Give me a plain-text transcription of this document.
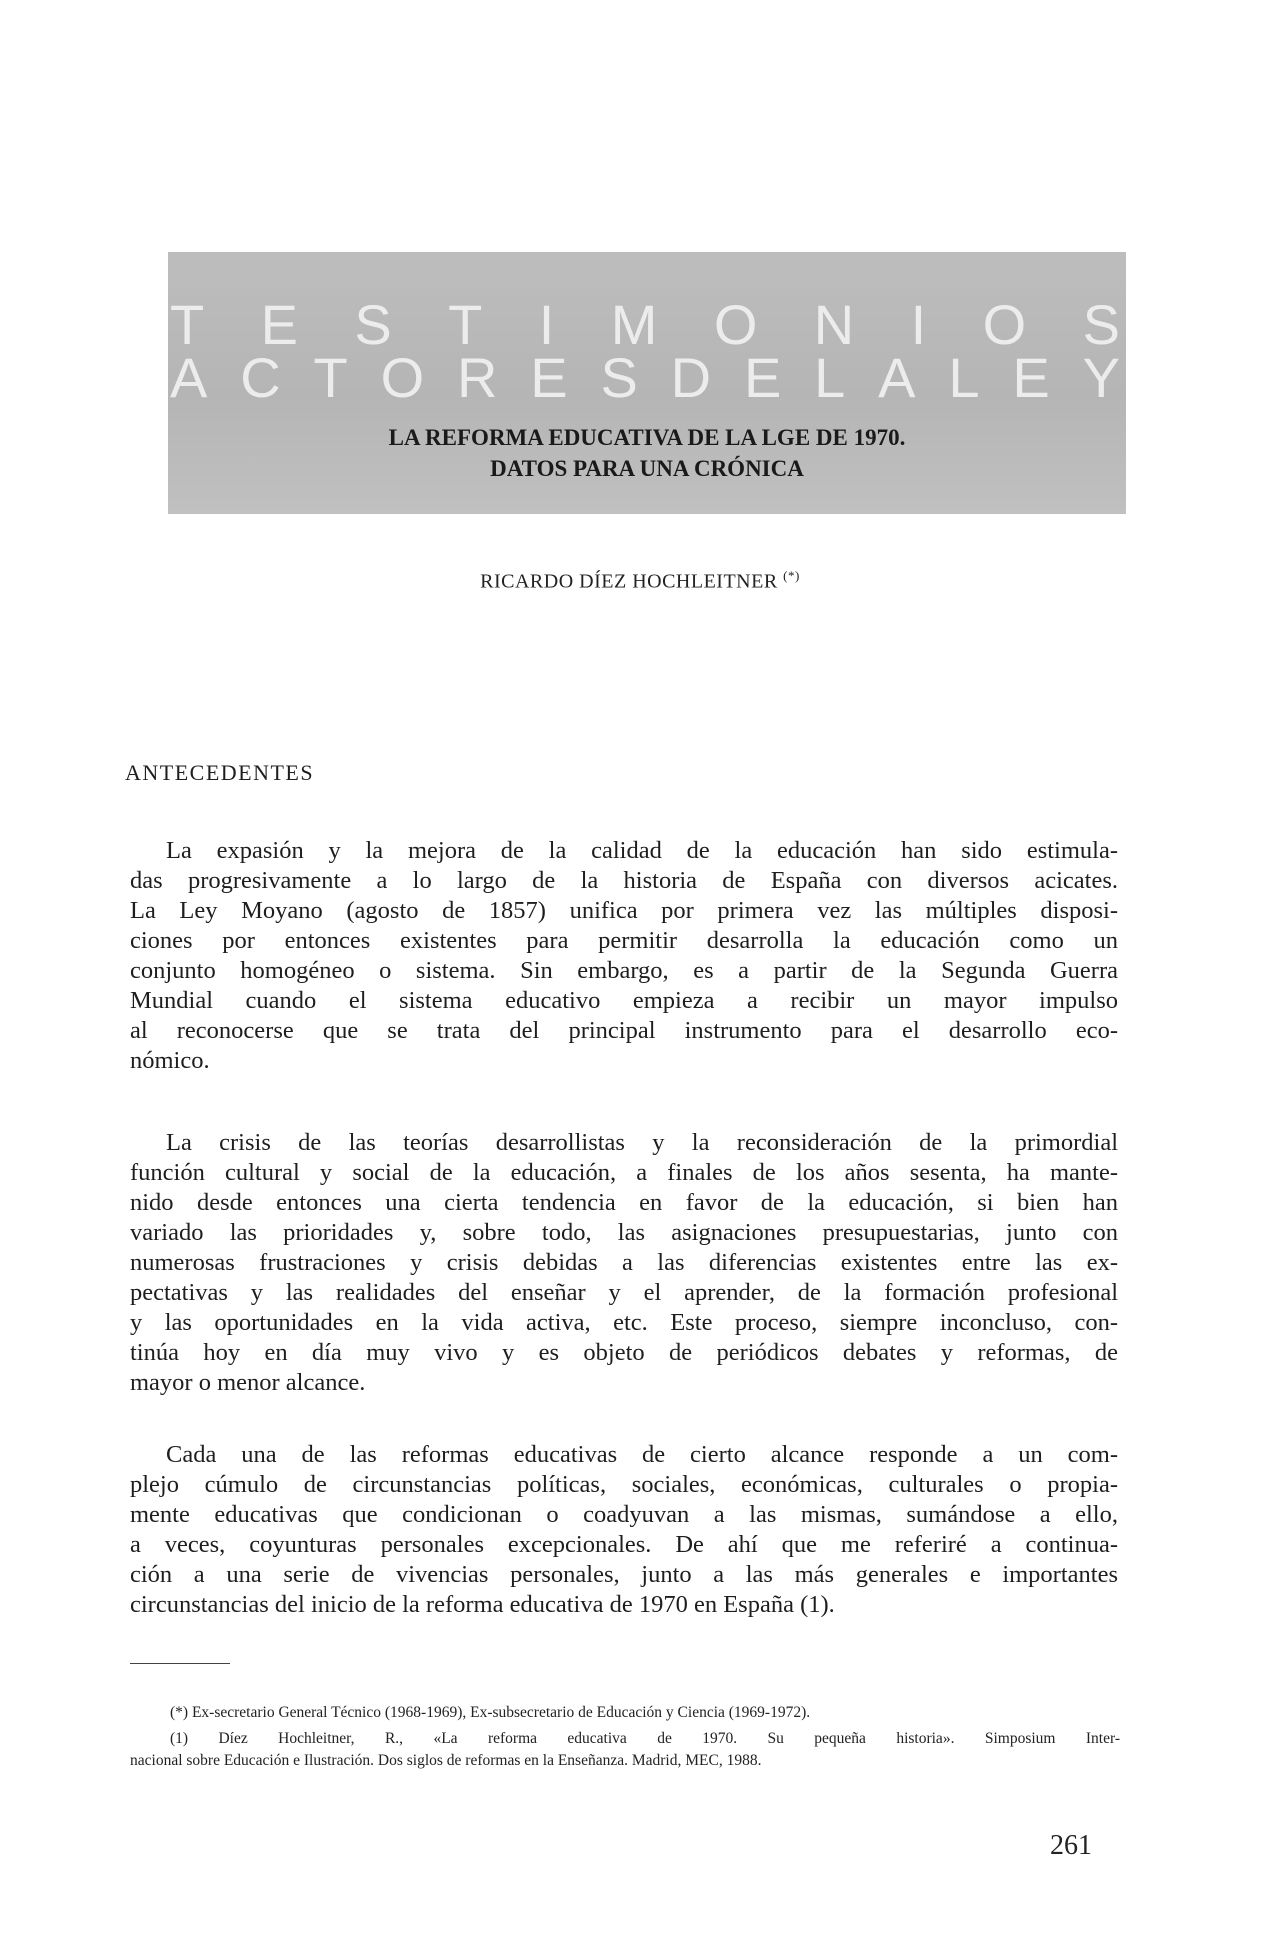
T E S T I M O N I O S
A C T O R E S D E L A L E Y
LA REFORMA EDUCATIVA DE LA LGE DE 1970.
DATOS PARA UNA CRÓNICA
RICARDO DÍEZ HOCHLEITNER (*)
ANTECEDENTES
La expasión y la mejora de la calidad de la educación han sido estimula-
das progresivamente a lo largo de la historia de España con diversos acicates.
La Ley Moyano (agosto de 1857) unifica por primera vez las múltiples disposi-
ciones por entonces existentes para permitir desarrolla la educación como un
conjunto homogéneo o sistema. Sin embargo, es a partir de la Segunda Guerra
Mundial cuando el sistema educativo empieza a recibir un mayor impulso
al reconocerse que se trata del principal instrumento para el desarrollo eco-
nómico.
La crisis de las teorías desarrollistas y la reconsideración de la primordial
función cultural y social de la educación, a finales de los años sesenta, ha mante-
nido desde entonces una cierta tendencia en favor de la educación, si bien han
variado las prioridades y, sobre todo, las asignaciones presupuestarias, junto con
numerosas frustraciones y crisis debidas a las diferencias existentes entre las ex-
pectativas y las realidades del enseñar y el aprender, de la formación profesional
y las oportunidades en la vida activa, etc. Este proceso, siempre inconcluso, con-
tinúa hoy en día muy vivo y es objeto de periódicos debates y reformas, de
mayor o menor alcance.
Cada una de las reformas educativas de cierto alcance responde a un com-
plejo cúmulo de circunstancias políticas, sociales, económicas, culturales o propia-
mente educativas que condicionan o coadyuvan a las mismas, sumándose a ello,
a veces, coyunturas personales excepcionales. De ahí que me referiré a continua-
ción a una serie de vivencias personales, junto a las más generales e importantes
circunstancias del inicio de la reforma educativa de 1970 en España (1).
(*) Ex-secretario General Técnico (1968-1969), Ex-subsecretario de Educación y Ciencia (1969-1972).
(1) Díez Hochleitner, R., «La reforma educativa de 1970. Su pequeña historia». Simposium Inter-
nacional sobre Educación e Ilustración. Dos siglos de reformas en la Enseñanza. Madrid, MEC, 1988.
261
